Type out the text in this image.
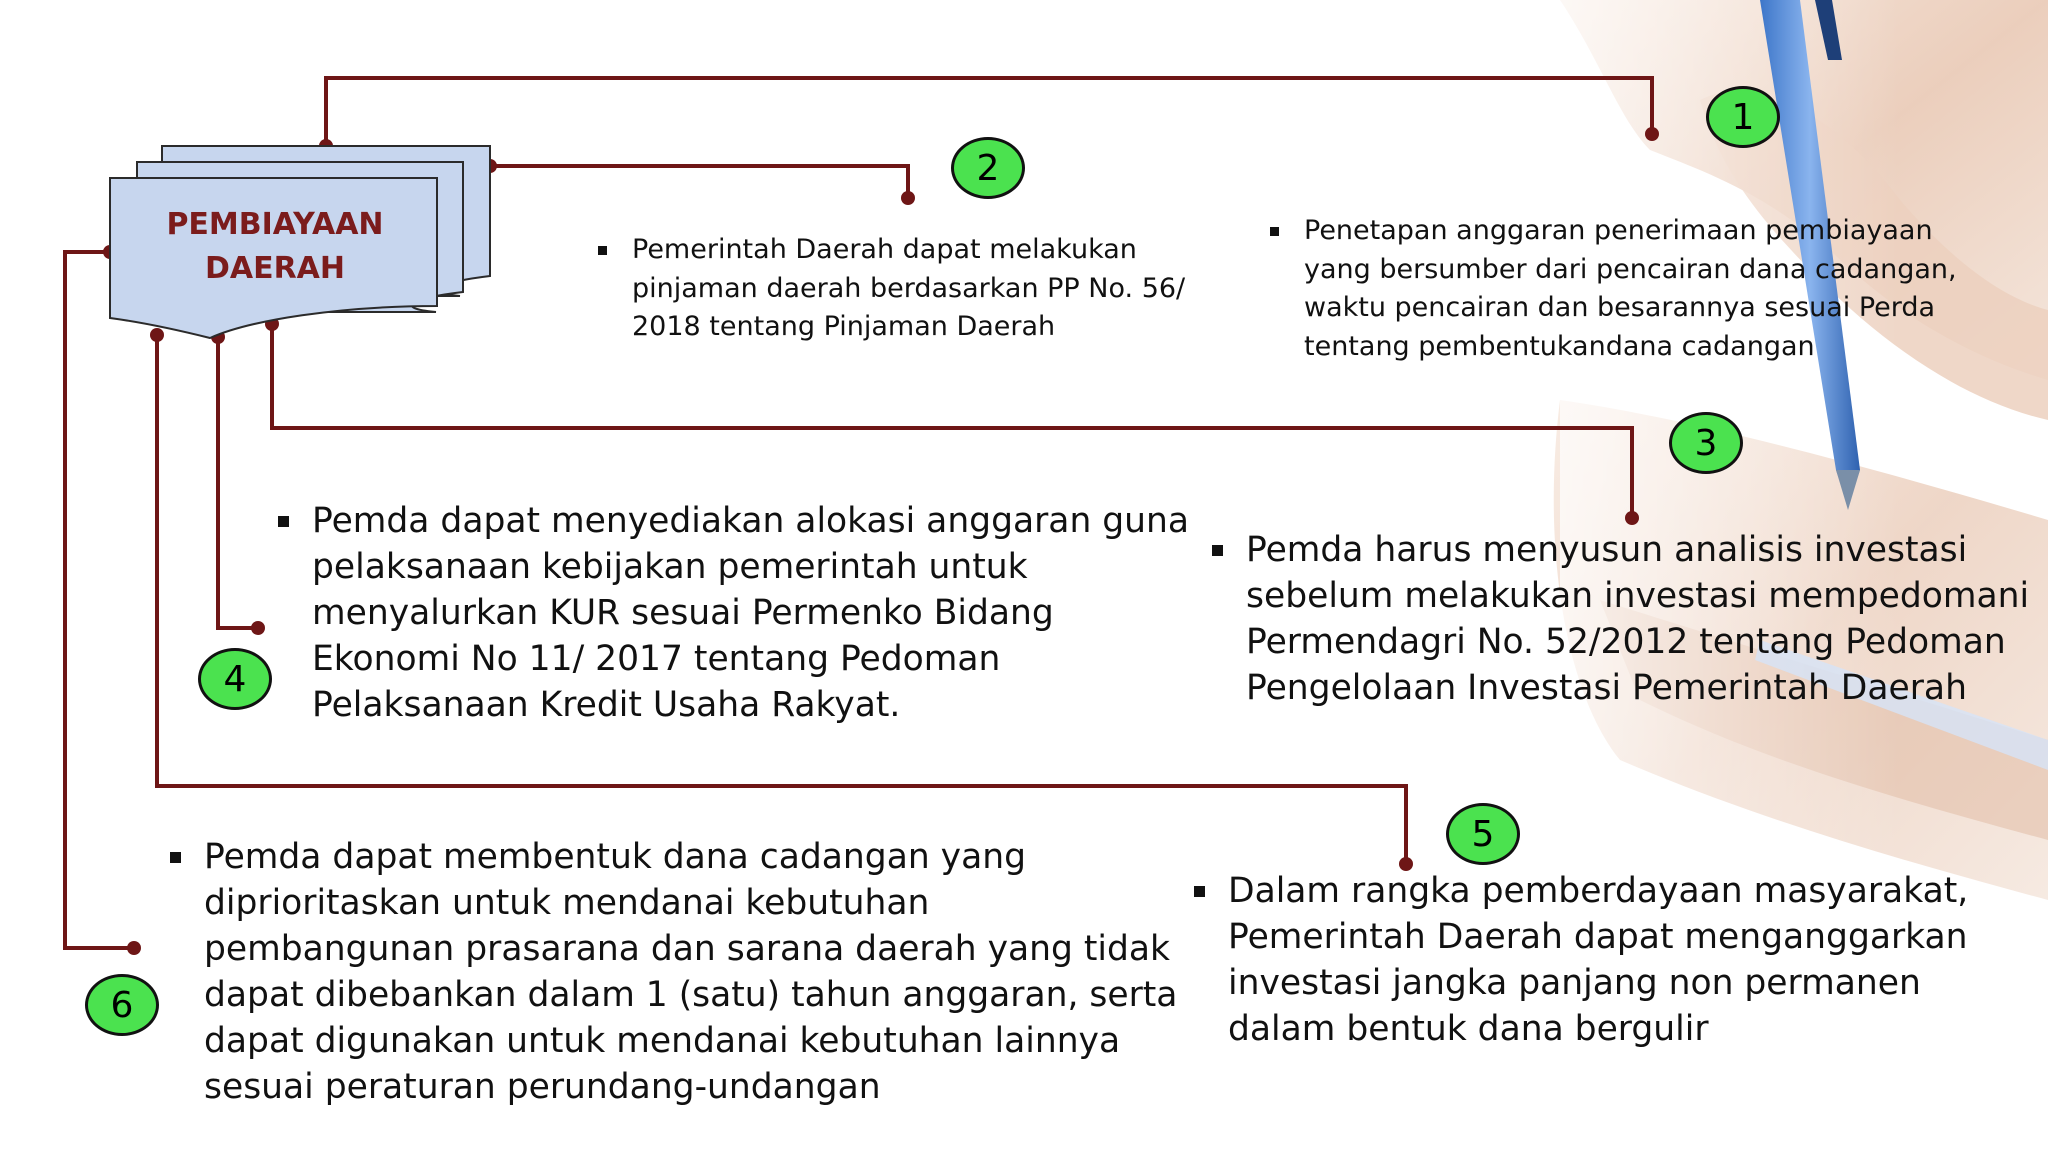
PEMBIAYAAN
DAERAH
1
2
3
4
5
6

Penetapan anggaran penerimaan pembiayaan yang bersumber dari pencairan dana cadangan, waktu pencairan dan besarannya sesuai Perda tentang pembentukandana cadangan

Pemerintah Daerah dapat melakukan pinjaman daerah berdasarkan PP No. 56/ 2018 tentang Pinjaman Daerah

Pemda harus menyusun analisis investasi sebelum melakukan investasi mempedomani Permendagri No. 52/2012 tentang Pedoman Pengelolaan Investasi Pemerintah Daerah

Pemda dapat menyediakan alokasi anggaran guna pelaksanaan kebijakan pemerintah untuk menyalurkan KUR sesuai Permenko Bidang Ekonomi No 11/ 2017 tentang Pedoman Pelaksanaan Kredit Usaha Rakyat.

Dalam rangka pemberdayaan masyarakat, Pemerintah Daerah dapat menganggarkan investasi jangka panjang non permanen dalam bentuk dana bergulir

Pemda dapat membentuk dana cadangan yang diprioritaskan untuk mendanai kebutuhan pembangunan prasarana dan sarana daerah yang tidak dapat dibebankan dalam 1 (satu) tahun anggaran, serta dapat digunakan untuk mendanai kebutuhan lainnya sesuai peraturan perundang-undangan
